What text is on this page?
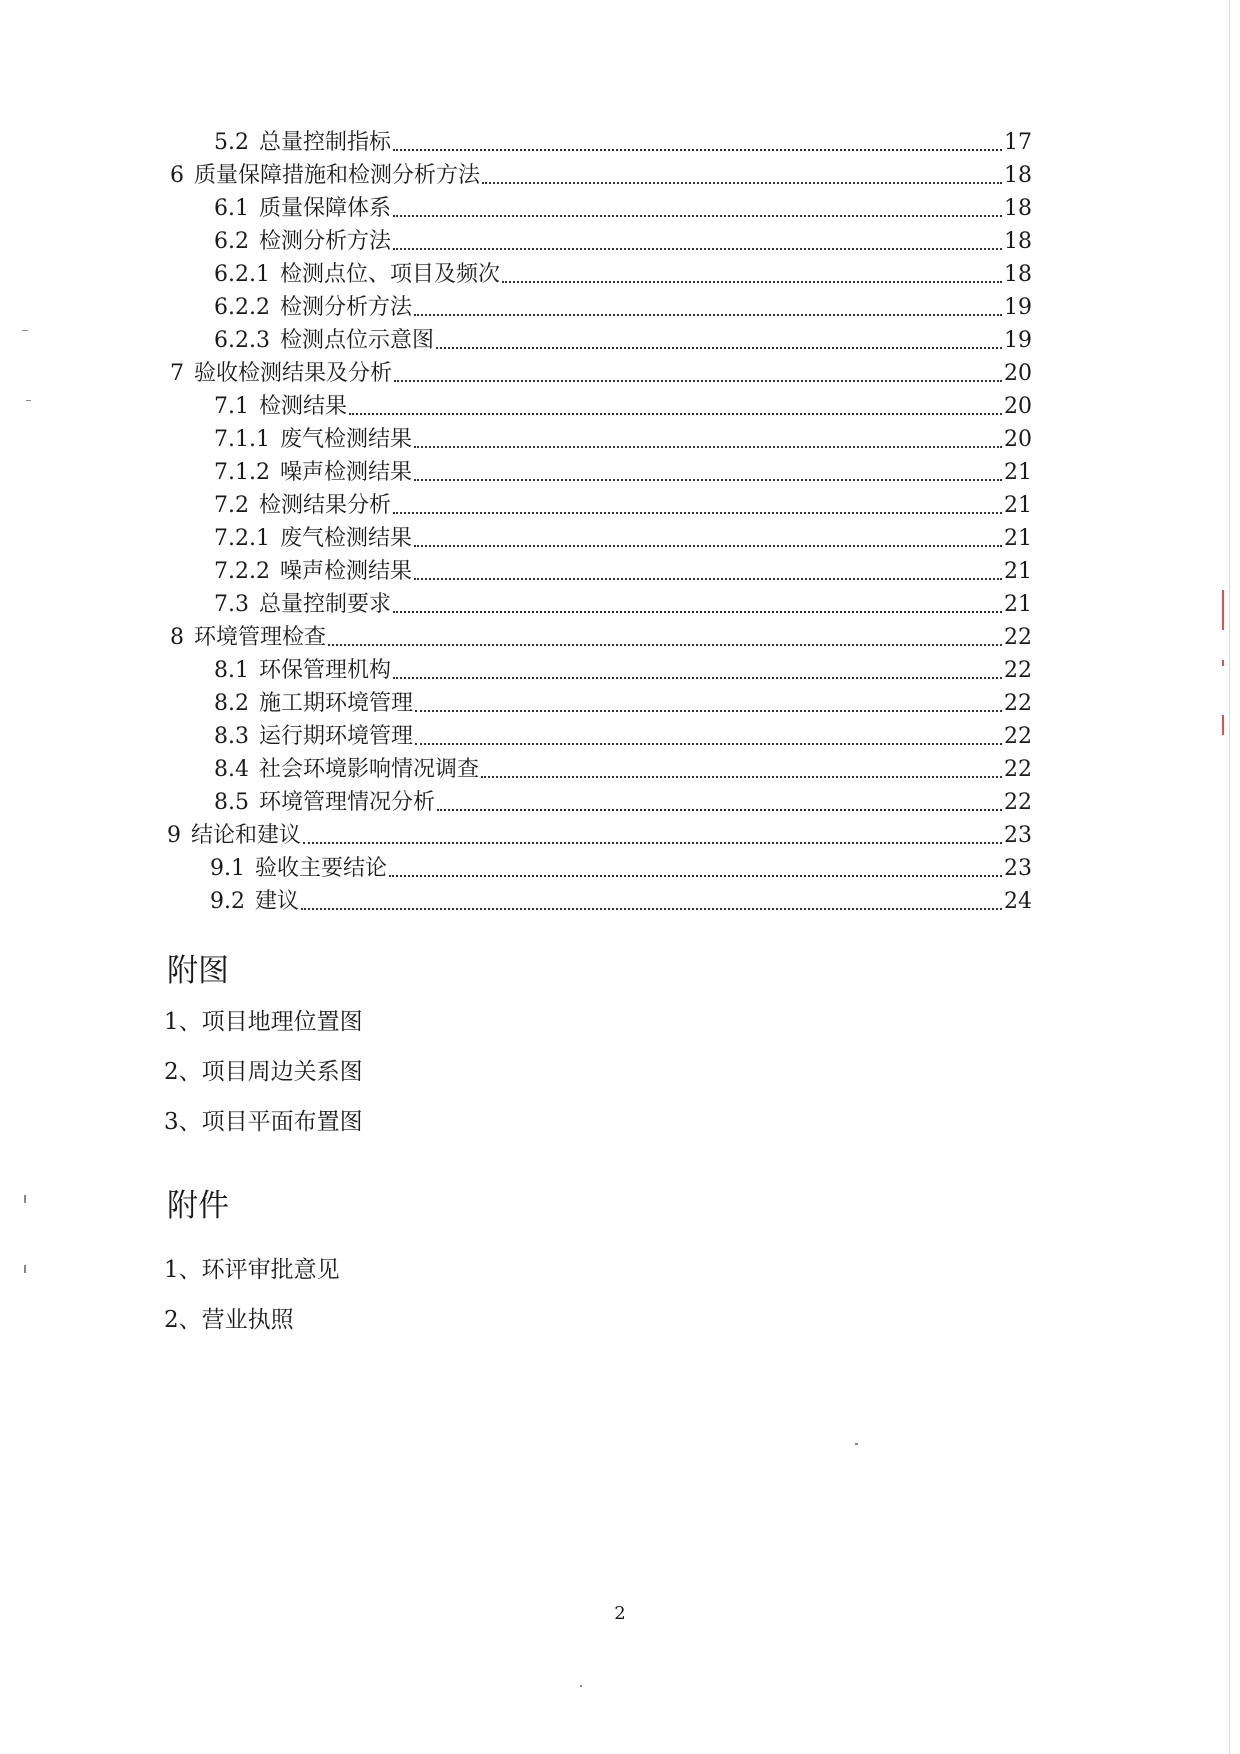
5.2 总量控制指标	17
6 质量保障措施和检测分析方法	18
6.1 质量保障体系	18
6.2 检测分析方法	18
6.2.1 检测点位、项目及频次	18
6.2.2 检测分析方法	19
6.2.3 检测点位示意图	19
7 验收检测结果及分析	20
7.1 检测结果	20
7.1.1 废气检测结果	20
7.1.2 噪声检测结果	21
7.2 检测结果分析	21
7.2.1 废气检测结果	21
7.2.2 噪声检测结果	21
7.3 总量控制要求	21
8 环境管理检查	22
8.1 环保管理机构	22
8.2 施工期环境管理	22
8.3 运行期环境管理	22
8.4 社会环境影响情况调查	22
8.5 环境管理情况分析	22
9 结论和建议	23
9.1 验收主要结论	23
9.2 建议	24
附图
1、项目地理位置图
2、项目周边关系图
3、项目平面布置图
附件
1、环评审批意见
2、营业执照
2
